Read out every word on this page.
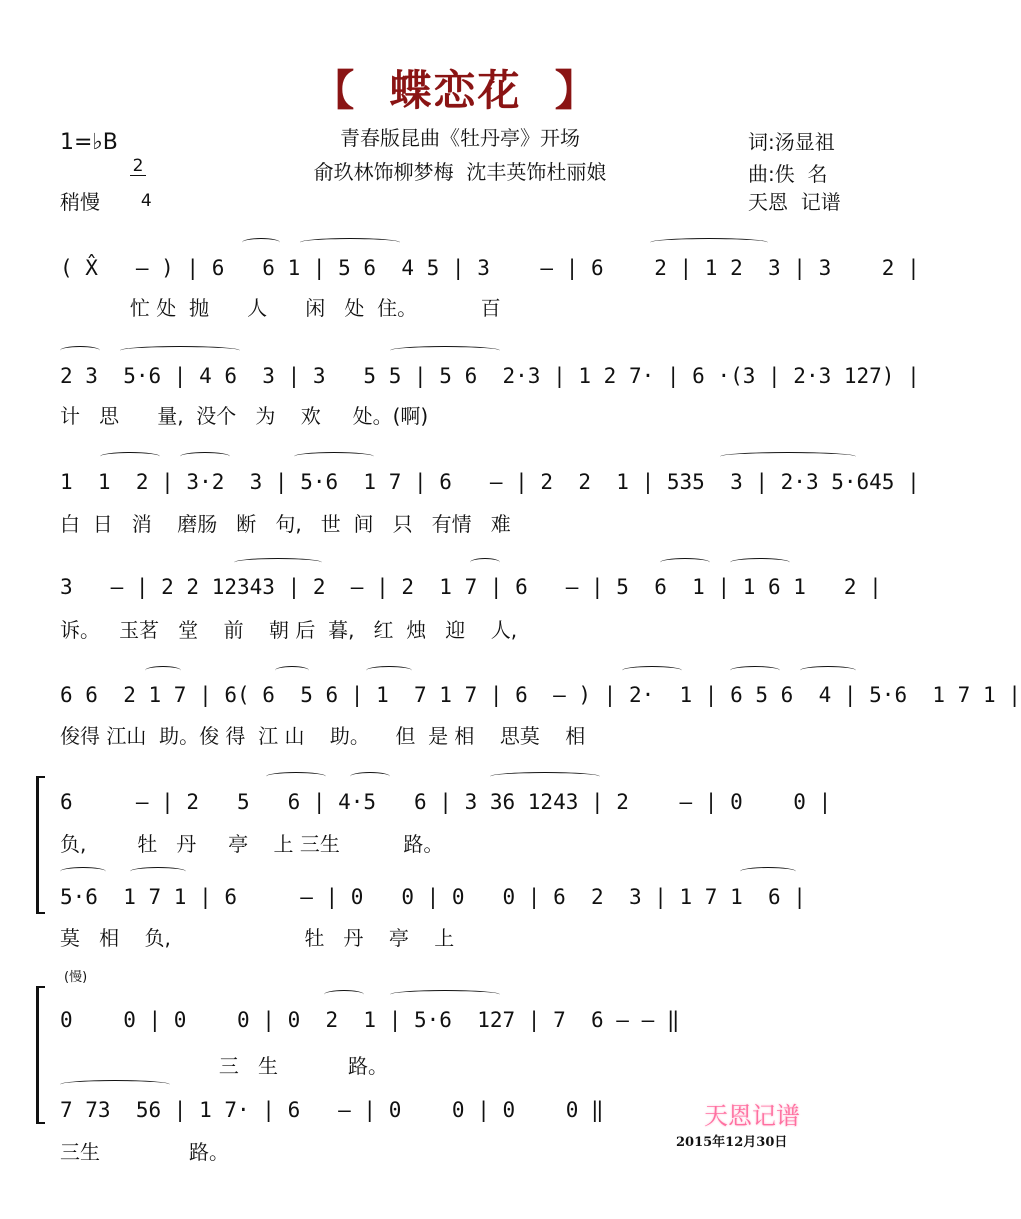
【  蝶恋花  】
1=♭B

2

4

稍慢
青春版昆曲《牡丹亭》开场
俞玖林饰柳梦梅  沈丰英饰杜丽娘
词:汤显祖
曲:佚  名
天恩  记谱
( X̂   – ) | 6   6 1 | 5 6  4 5 | 3    – | 6    2 | 1 2  3 | 3    2 |
忙 处  抛      人      闲   处  住。          百
2 3  5·6 | 4 6  3 | 3   5 5 | 5 6  2·3 | 1 2 7· | 6 ·(3 | 2·3 127) |
计   思      量,  没个   为    欢     处。(啊)
1  1  2 | 3·2  3 | 5·6  1 7 | 6   – | 2  2  1 | 535  3 | 2·3 5·645 |
白  日   消    磨肠   断   句,   世  间   只   有情   难
3   – | 2 2 12343 | 2  – | 2  1 7 | 6   – | 5  6  1 | 1 6 1   2 |
诉。   玉茗   堂    前    朝 后  暮,   红  烛   迎    人,
6 6  2 1 7 | 6( 6  5 6 | 1  7 1 7 | 6  – ) | 2·  1 | 6 5 6  4 | 5·6  1 7 1 |
俊得 江山  助。俊 得  江 山    助。    但  是 相    思莫    相
6     – | 2   5   6 | 4·5   6 | 3 36 1243 | 2    – | 0    0 |
负,        牡   丹     亭    上 三生          路。
5·6  1 7 1 | 6     – | 0   0 | 0   0 | 6  2  3 | 1 7 1  6 |
莫   相    负,                     牡   丹    亭    上
(慢)
0    0 | 0    0 | 0  2  1 | 5·6  127 | 7  6 – – ‖
三   生           路。
7 73  56 | 1 7· | 6   – | 0    0 | 0    0 ‖
三生              路。
天恩记谱
2015年12月30日
